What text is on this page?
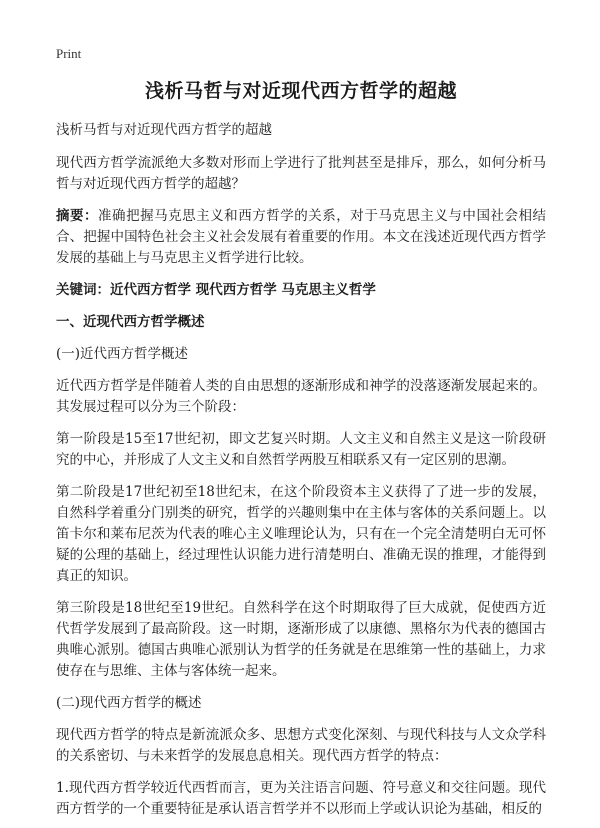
Print
浅析马哲与对近现代西方哲学的超越

浅析马哲与对近现代西方哲学的超越

现代西方哲学流派绝大多数对形而上学进行了批判甚至是排斥，那么，如何分析马哲与对近现代西方哲学的超越？

摘要：准确把握马克思主义和西方哲学的关系，对于马克思主义与中国社会相结合、把握中国特色社会主义社会发展有着重要的作用。本文在浅述近现代西方哲学发展的基础上与马克思主义哲学进行比较。

关键词：近代西方哲学 现代西方哲学 马克思主义哲学

一、近现代西方哲学概述

(一)近代西方哲学概述

近代西方哲学是伴随着人类的自由思想的逐渐形成和神学的没落逐渐发展起来的。其发展过程可以分为三个阶段：

第一阶段是15至17世纪初，即文艺复兴时期。人文主义和自然主义是这一阶段研究的中心，并形成了人文主义和自然哲学两股互相联系又有一定区别的思潮。

第二阶段是17世纪初至18世纪末，在这个阶段资本主义获得了了进一步的发展，自然科学着重分门别类的研究，哲学的兴趣则集中在主体与客体的关系问题上。以笛卡尔和莱布尼茨为代表的唯心主义唯理论认为，只有在一个完全清楚明白无可怀疑的公理的基础上，经过理性认识能力进行清楚明白、准确无误的推理，才能得到真正的知识。

第三阶段是18世纪至19世纪。自然科学在这个时期取得了巨大成就，促使西方近代哲学发展到了最高阶段。这一时期，逐渐形成了以康德、黑格尔为代表的德国古典唯心派别。德国古典唯心派别认为哲学的任务就是在思维第一性的基础上，力求使存在与思维、主体与客体统一起来。

(二)现代西方哲学的概述

现代西方哲学的特点是新流派众多、思想方式变化深刻、与现代科技与人文众学科的关系密切、与未来哲学的发展息息相关。现代西方哲学的特点：

1.现代西方哲学较近代西哲而言，更为关注语言问题、符号意义和交往问题。现代西方哲学的一个重要特征是承认语言哲学并不以形而上学或认识论为基础，相反的
